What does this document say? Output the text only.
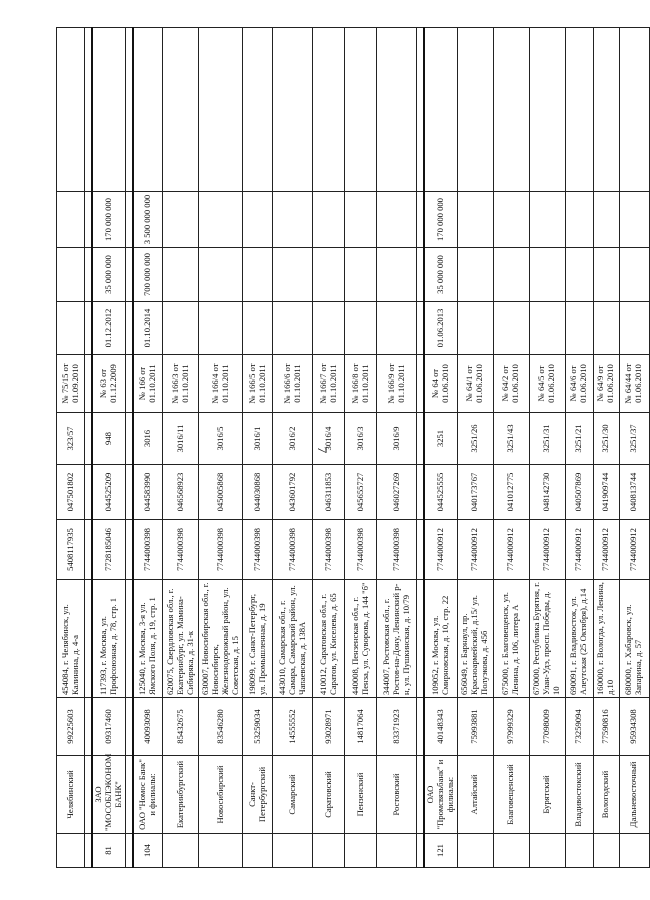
7
	Челябинский	99225603	454084, г. Челябинск, ул. Калинина, д. 4-а	5408117935	047501802	323/57	№ 75/15 от 01.09.2010				

81	ЗАО "МОСОБЛЭКОНОМ БАНК"	09317460	117393, г. Москва, ул. Профсоюзная, д. 78, стр. 1	7728185046	044525209	948	№ 63 от 01.12.2009	01.12.2012	35 000 000	170 000 000	

104	ОАО "Номос Банк" и филиалы:	40093098	125040, г. Москва, 3-я ул. Ямского Поля, д. 19, стр. 1	7744000398	044583990	3016	№ 166 от 01.10.2011	01.10.2014	700 000 000	3 500 000 000	
	Екатеринбургский	85432675	620075, Свердловская обл., г. Екатеринбург, ул. Мамина-Сибиряка, д. 31-к	7744000398	046568923	3016/11	№ 166/3 от 01.10.2011				
	Новосибирский	83546280	630007, Новосибирская обл., г. Новосибирск, Железнодорожный район, ул. Советская, д. 15	7744000398	045005868	3016/5	№ 166/4 от 01.10.2011				
	Санкт-Петербургский	53259034	198099, г. Санкт-Петербург, ул. Промышленная, д. 19	7744000398	044030868	3016/1	№ 166/5 от 01.10.2011				
	Самарский	14555552	443010, Самарская обл., г. Самара, Самарский район, ул. Чапаевская, д. 138А	7744000398	043601792	3016/2	№ 166/6 от 01.10.2011				
	Саратовский	93028971	410012, Саратовская обл., г. Саратов, ул. Киселева, д. 65	7744000398	046311853	3016/4	№ 166/7 от 01.10.2011				
	Пензенский	14817064	440008, Пензенская обл., г. Пенза, ул. Суворова, д. 144 "б"	7744000398	045655727	3016/3	№ 166/8 от 01.10.2011				
	Ростовский	83371923	344007, Ростовская обл., г. Ростов-на-Дону, Ленинский р-н, ул. Пушкинская, д. 10/79	7744000398	046027269	3016/9	№ 166/9 от 01.10.2011				

121	ОАО "Промсвязьбанк" и филиалы:	40148343	109052, г. Москва, ул. Смирновская, д. 10, стр. 22	7744000912	044525555	3251	№ 64 от 01.06.2010	01.06.2013	35 000 000	170 000 000	
	Алтайский	75993881	656049, г. Барнаул, пр. Красноармейский, д.15/ ул. Полуэкова, д. 45б	7744000912	040173767	3251/26	№ 64/1 от 01.06.2010				
	Благовещенский	97999329	675000, г. Благовещенск, ул. Ленина, д. 106, литера А	7744000912	041012775	3251/43	№ 64/2 от 01.06.2010				
	Бурятский	77098009	670000, Республика Бурятия, г. Улан-Удэ, просп. Победы, д. 10	7744000912	048142730	3251/31	№ 64/5 от 01.06.2010				
	Владивостокский	73259094	690091, г. Владивосток, ул. Алеутская (25 Октября), д.14	7744000912	040507869	3251/21	№ 64/6 от 01.06.2010				
	Вологодский	77590816	160000, г. Вологда, ул. Ленина, д.10	7744000912	041909744	3251/30	№ 64/9 от 01.06.2010				
	Дальневосточный	95934308	680000, г. Хабаровск, ул. Запарина, д. 57	7744000912	040813744	3251/37	№ 64/44 от 01.06.2010				
